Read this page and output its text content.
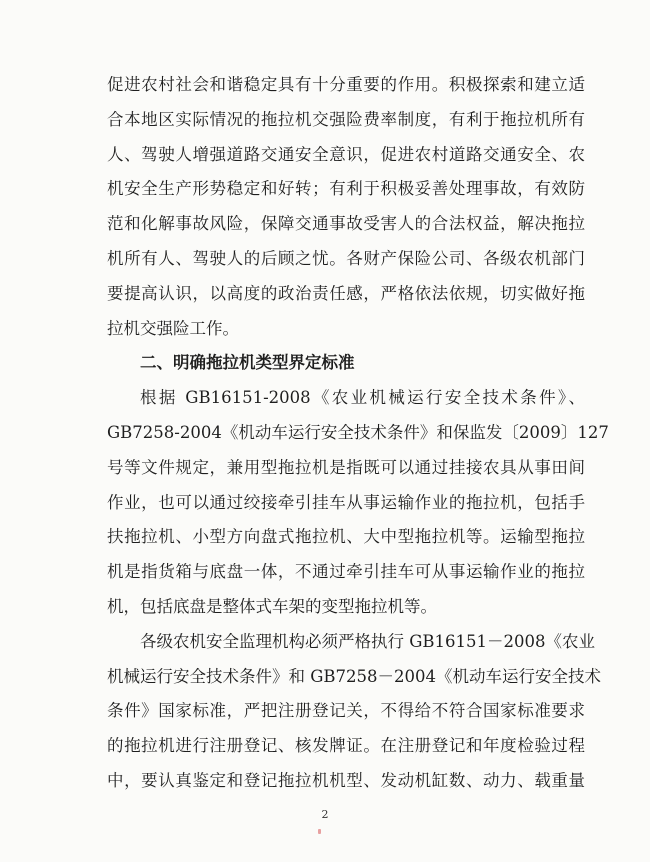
促进农村社会和谐稳定具有十分重要的作用。积极探索和建立适
合本地区实际情况的拖拉机交强险费率制度，有利于拖拉机所有
人、驾驶人增强道路交通安全意识，促进农村道路交通安全、农
机安全生产形势稳定和好转；有利于积极妥善处理事故，有效防
范和化解事故风险，保障交通事故受害人的合法权益，解决拖拉
机所有人、驾驶人的后顾之忧。各财产保险公司、各级农机部门
要提高认识，以高度的政治责任感，严格依法依规，切实做好拖
拉机交强险工作。
二、明确拖拉机类型界定标准
根据 GB16151-2008《农业机械运行安全技术条件》、
GB7258-2004《机动车运行安全技术条件》和保监发〔2009〕127
号等文件规定，兼用型拖拉机是指既可以通过挂接农具从事田间
作业，也可以通过绞接牵引挂车从事运输作业的拖拉机，包括手
扶拖拉机、小型方向盘式拖拉机、大中型拖拉机等。运输型拖拉
机是指货箱与底盘一体，不通过牵引挂车可从事运输作业的拖拉
机，包括底盘是整体式车架的变型拖拉机等。
各级农机安全监理机构必须严格执行 GB16151－2008《农业
机械运行安全技术条件》和 GB7258－2004《机动车运行安全技术
条件》国家标准，严把注册登记关，不得给不符合国家标准要求
的拖拉机进行注册登记、核发牌证。在注册登记和年度检验过程
中，要认真鉴定和登记拖拉机机型、发动机缸数、动力、载重量
2
